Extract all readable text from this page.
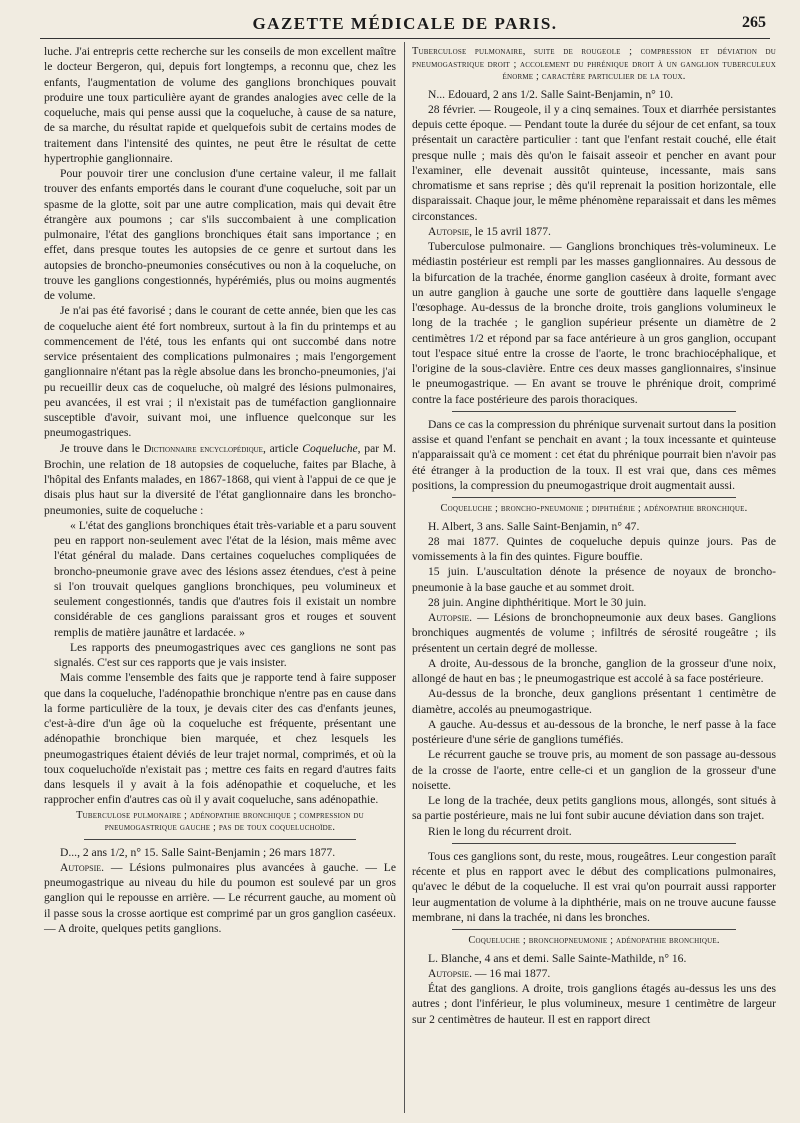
GAZETTE MÉDICALE DE PARIS.	265

luche. J'ai entrepris cette recherche sur les conseils de mon excellent maître le docteur Bergeron, qui, depuis fort longtemps, a reconnu que, chez les enfants, l'augmentation de volume des ganglions bronchiques pouvait produire une toux particulière ayant de grandes analogies avec celle de la coqueluche, mais qui pense aussi que la coqueluche, à cause de sa nature, de sa marche, du résultat rapide et quelquefois subit de certains modes de traitement dans l'intensité des quintes, ne peut être le résultat de cette hypertrophie ganglionnaire.

Pour pouvoir tirer une conclusion d'une certaine valeur, il me fallait trouver des enfants emportés dans le courant d'une coqueluche, soit par un spasme de la glotte, soit par une autre complication, mais qui devait être étrangère aux poumons ; car s'ils succombaient à une complication pulmonaire, l'état des ganglions bronchiques était sans importance ; en effet, dans presque toutes les autopsies de ce genre et surtout dans les autopsies de broncho-pneumonies consécutives ou non à la coqueluche, on trouve les ganglions congestionnés, hypérémiés, plus ou moins augmentés de volume.

Je n'ai pas été favorisé ; dans le courant de cette année, bien que les cas de coqueluche aient été fort nombreux, surtout à la fin du printemps et au commencement de l'été, tous les enfants qui ont succombé dans notre service présentaient des complications pulmonaires ; mais l'engorgement ganglionnaire n'étant pas la règle absolue dans les broncho-pneumonies, j'ai pu recueillir deux cas de coqueluche, où malgré des lésions pulmonaires, peu avancées, il est vrai ; il n'existait pas de tuméfaction ganglionnaire susceptible d'avoir, suivant moi, une influence quelconque sur les pneumogastriques.

Je trouve dans le Dictionnaire encyclopédique, article Coqueluche, par M. Brochin, une relation de 18 autopsies de coqueluche, faites par Blache, à l'hôpital des Enfants malades, en 1867-1868, qui vient à l'appui de ce que je disais plus haut sur la diversité de l'état ganglionnaire dans les broncho-pneumonies, suite de coqueluche :

« L'état des ganglions bronchiques était très-variable et a paru souvent peu en rapport non-seulement avec l'état de la lésion, mais même avec l'état général du malade. Dans certaines coqueluches compliquées de broncho-pneumonie grave avec des lésions assez étendues, c'est à peine si l'on trouvait quelques ganglions bronchiques, peu volumineux et seulement congestionnés, tandis que d'autres fois il existait un nombre considérable de ces ganglions paraissant gros et rouges et souvent remplis de matière jaunâtre et lardacée. »

Les rapports des pneumogastriques avec ces ganglions ne sont pas signalés. C'est sur ces rapports que je vais insister.

Mais comme l'ensemble des faits que je rapporte tend à faire supposer que dans la coqueluche, l'adénopathie bronchique n'entre pas en cause dans la forme particulière de la toux, je devais citer des cas d'enfants jeunes, c'est-à-dire d'un âge où la coqueluche est fréquente, présentant une adénopathie bronchique bien marquée, et chez lesquels les pneumogastriques étaient déviés de leur trajet normal, comprimés, et où la toux coqueluchoïde n'existait pas ; mettre ces faits en regard d'autres faits dans lesquels il y avait à la fois adénopathie et coqueluche, et les rapprocher enfin d'autres cas où il y avait coqueluche, sans adénopathie.

Tuberculose pulmonaire ; adénopathie bronchique ; compression du pneumogastrique gauche ; pas de toux coqueluchoïde.

D..., 2 ans 1/2, n° 15. Salle Saint-Benjamin ; 26 mars 1877.

Autopsie. — Lésions pulmonaires plus avancées à gauche. — Le pneumogastrique au niveau du hile du poumon est soulevé par un gros ganglion qui le repousse en arrière. — Le récurrent gauche, au moment où il passe sous la crosse aortique est comprimé par un gros ganglion caséeux. — A droite, quelques petits ganglions.

Tuberculose pulmonaire, suite de rougeole ; compression et déviation du pneumogastrique droit ; accolement du phrénique droit à un ganglion tuberculeux énorme ; caractère particulier de la toux.

N... Edouard, 2 ans 1/2. Salle Saint-Benjamin, n° 10.

28 février. — Rougeole, il y a cinq semaines. Toux et diarrhée persistantes depuis cette époque. — Pendant toute la durée du séjour de cet enfant, sa toux présentait un caractère particulier : tant que l'enfant restait couché, elle était presque nulle ; mais dès qu'on le faisait asseoir et pencher en avant pour l'examiner, elle devenait aussitôt quinteuse, incessante, mais sans chromatisme et sans reprise ; dès qu'il reprenait la position horizontale, elle disparaissait. Chaque jour, le même phénomène reparaissait et dans les mêmes circonstances.

Autopsie, le 15 avril 1877.

Tuberculose pulmonaire. — Ganglions bronchiques très-volumineux. Le médiastin postérieur est rempli par les masses ganglionnaires. Au dessous de la bifurcation de la trachée, énorme ganglion caséeux à droite, formant avec un autre ganglion à gauche une sorte de gouttière dans laquelle s'engage l'œsophage. Au-dessus de la bronche droite, trois ganglions volumineux le long de la trachée ; le ganglion supérieur présente un diamètre de 2 centimètres 1/2 et répond par sa face antérieure à un gros ganglion, occupant tout l'espace situé entre la crosse de l'aorte, le tronc brachiocéphalique, et l'origine de la sous-clavière. Entre ces deux masses ganglionnaires, s'insinue le pneumogastrique. — En avant se trouve le phrénique droit, comprimé contre la face postérieure des parois thoraciques.

Dans ce cas la compression du phrénique survenait surtout dans la position assise et quand l'enfant se penchait en avant ; la toux incessante et quinteuse n'apparaissait qu'à ce moment : cet état du phrénique pourrait bien n'avoir pas été étranger à la production de la toux. Il est vrai que, dans ces mêmes positions, la compression du pneumogastrique droit augmentait aussi.

Coqueluche ; broncho-pneumonie ; diphthérie ; adénopathie bronchique.

H. Albert, 3 ans. Salle Saint-Benjamin, n° 47.

28 mai 1877. Quintes de coqueluche depuis quinze jours. Pas de vomissements à la fin des quintes. Figure bouffie.

15 juin. L'auscultation dénote la présence de noyaux de broncho-pneumonie à la base gauche et au sommet droit.

28 juin. Angine diphthéritique. Mort le 30 juin.

Autopsie. — Lésions de bronchopneumonie aux deux bases. Ganglions bronchiques augmentés de volume ; infiltrés de sérosité rougeâtre ; ils présentent un certain degré de mollesse.

A droite, Au-dessous de la bronche, ganglion de la grosseur d'une noix, allongé de haut en bas ; le pneumogastrique est accolé à sa face postérieure.

Au-dessus de la bronche, deux ganglions présentant 1 centimètre de diamètre, accolés au pneumogastrique.

A gauche. Au-dessus et au-dessous de la bronche, le nerf passe à la face postérieure d'une série de ganglions tuméfiés.

Le récurrent gauche se trouve pris, au moment de son passage au-dessous de la crosse de l'aorte, entre celle-ci et un ganglion de la grosseur d'une noisette.

Le long de la trachée, deux petits ganglions mous, allongés, sont situés à sa partie postérieure, mais ne lui font subir aucune déviation dans son trajet.

Rien le long du récurrent droit.

Tous ces ganglions sont, du reste, mous, rougeâtres. Leur congestion paraît récente et plus en rapport avec le début des complications pulmonaires, qu'avec le début de la coqueluche. Il est vrai qu'on pourrait aussi rapporter leur augmentation de volume à la diphthérie, mais on ne trouve aucune fausse membrane, ni dans la trachée, ni dans les bronches.

Coqueluche ; bronchopneumonie ; adénopathie bronchique.

L. Blanche, 4 ans et demi. Salle Sainte-Mathilde, n° 16.

Autopsie. — 16 mai 1877.

État des ganglions. A droite, trois ganglions étagés au-dessus les uns des autres ; dont l'inférieur, le plus volumineux, mesure 1 centimètre de largeur sur 2 centimètres de hauteur. Il est en rapport direct
